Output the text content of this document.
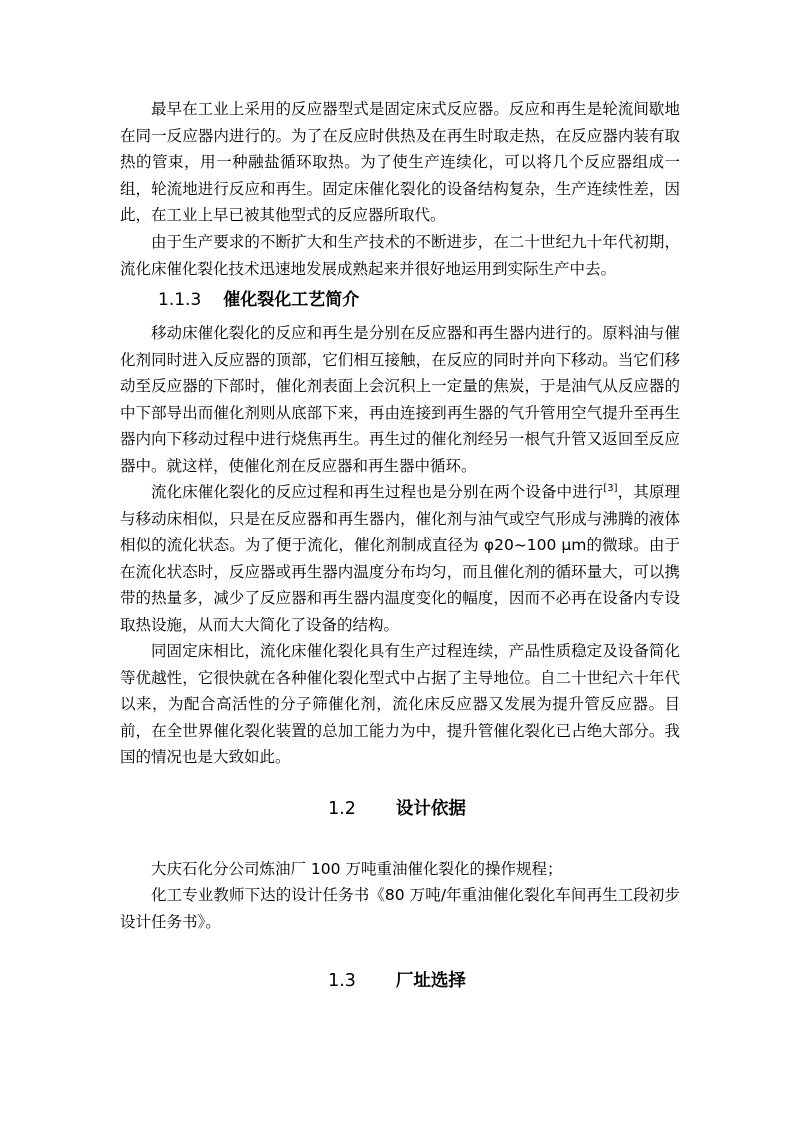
最早在工业上采用的反应器型式是固定床式反应器。反应和再生是轮流间歇地在同一反应器内进行的。为了在反应时供热及在再生时取走热，在反应器内装有取热的管束，用一种融盐循环取热。为了使生产连续化，可以将几个反应器组成一组，轮流地进行反应和再生。固定床催化裂化的设备结构复杂，生产连续性差，因此，在工业上早已被其他型式的反应器所取代。

由于生产要求的不断扩大和生产技术的不断进步，在二十世纪九十年代初期，流化床催化裂化技术迅速地发展成熟起来并很好地运用到实际生产中去。

1.1.3 催化裂化工艺简介

移动床催化裂化的反应和再生是分别在反应器和再生器内进行的。原料油与催化剂同时进入反应器的顶部，它们相互接触，在反应的同时并向下移动。当它们移动至反应器的下部时，催化剂表面上会沉积上一定量的焦炭，于是油气从反应器的中下部导出而催化剂则从底部下来，再由连接到再生器的气升管用空气提升至再生器内向下移动过程中进行烧焦再生。再生过的催化剂经另一根气升管又返回至反应器中。就这样，使催化剂在反应器和再生器中循环。

流化床催化裂化的反应过程和再生过程也是分别在两个设备中进行[3]，其原理与移动床相似，只是在反应器和再生器内，催化剂与油气或空气形成与沸腾的液体相似的流化状态。为了便于流化，催化剂制成直径为 φ20~100 μm的微球。由于在流化状态时，反应器或再生器内温度分布均匀，而且催化剂的循环量大，可以携带的热量多，减少了反应器和再生器内温度变化的幅度，因而不必再在设备内专设取热设施，从而大大简化了设备的结构。

同固定床相比，流化床催化裂化具有生产过程连续，产品性质稳定及设备简化等优越性，它很快就在各种催化裂化型式中占据了主导地位。自二十世纪六十年代以来，为配合高活性的分子筛催化剂，流化床反应器又发展为提升管反应器。目前，在全世界催化裂化装置的总加工能力为中，提升管催化裂化已占绝大部分。我国的情况也是大致如此。

1.2 设计依据

大庆石化分公司炼油厂 100 万吨重油催化裂化的操作规程；

化工专业教师下达的设计任务书《80 万吨/年重油催化裂化车间再生工段初步设计任务书》。

1.3 厂址选择
